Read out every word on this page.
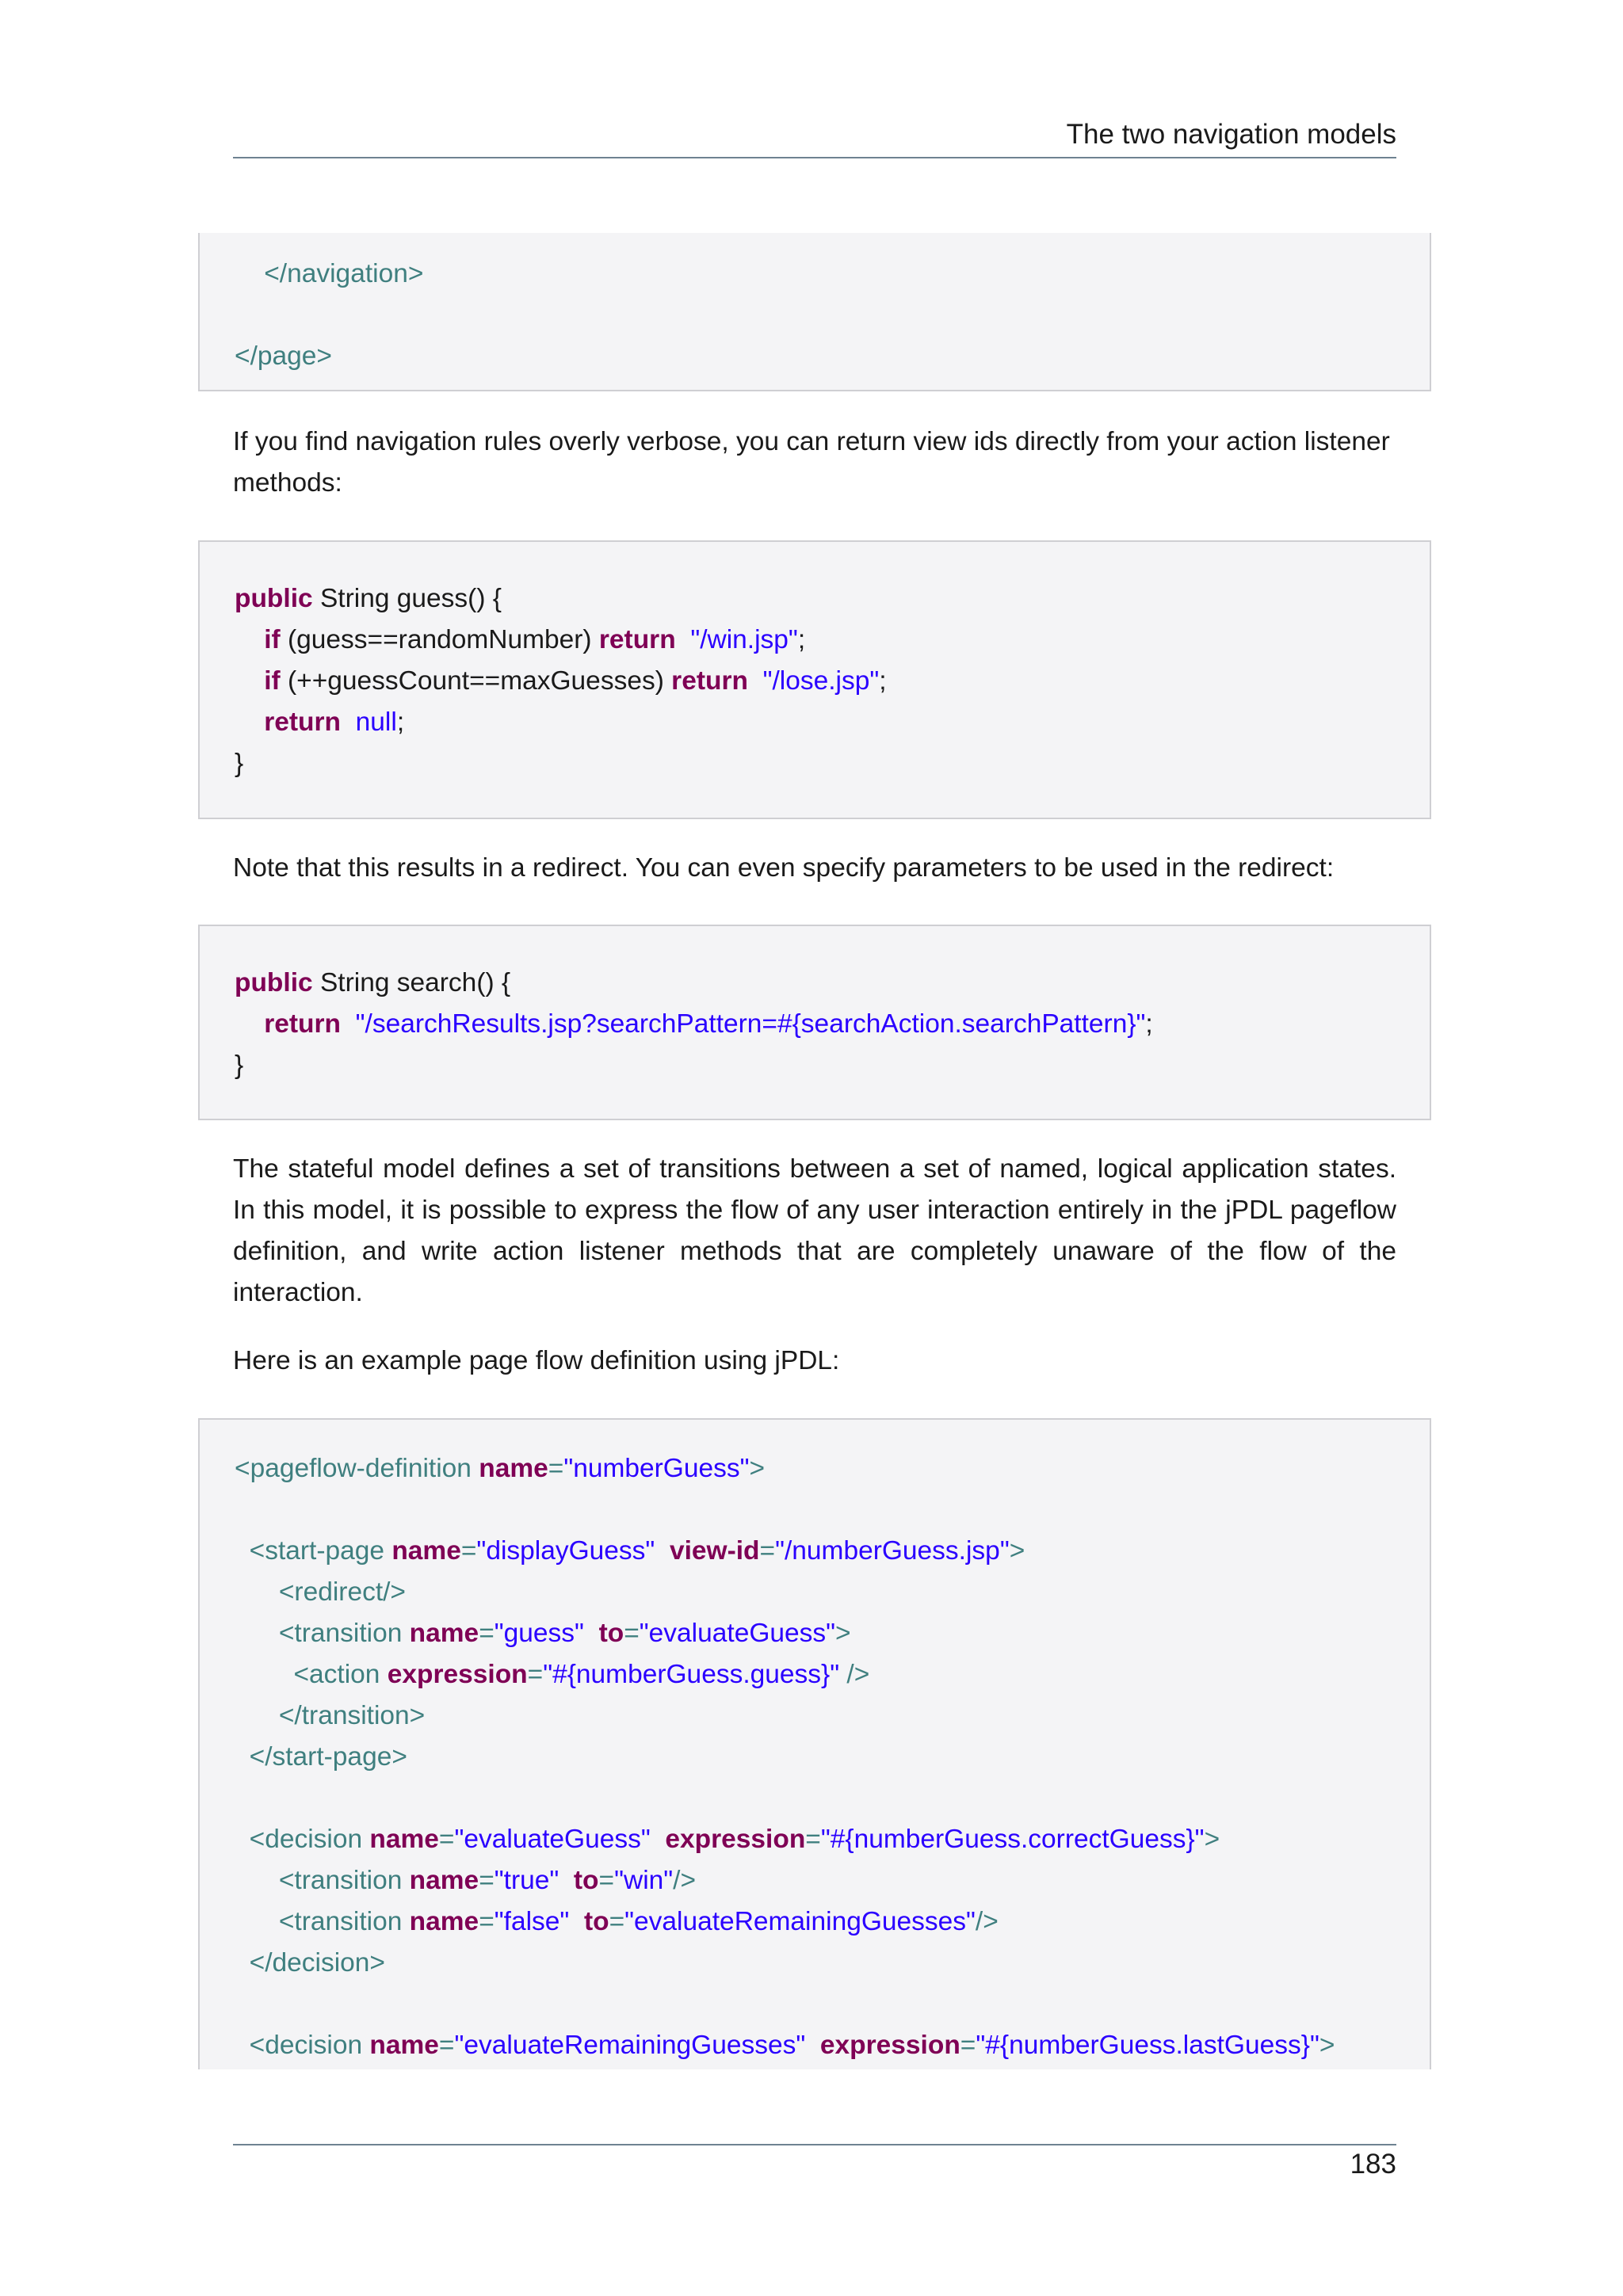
The two navigation models
</navigation>
</page>
If you find navigation rules overly verbose, you can return view ids directly from your action listener methods:
public String guess() {
if (guess==randomNumber) return "/win.jsp";
if (++guessCount==maxGuesses) return "/lose.jsp";
return null;
}
Note that this results in a redirect. You can even specify parameters to be used in the redirect:
public String search() {
return "/searchResults.jsp?searchPattern=#{searchAction.searchPattern}";
}
The stateful model defines a set of transitions between a set of named, logical application states. In this model, it is possible to express the flow of any user interaction entirely in the jPDL pageflow definition, and write action listener methods that are completely unaware of the flow of the interaction.
Here is an example page flow definition using jPDL:
<pageflow-definition name="numberGuess">
<start-page name="displayGuess" view-id="/numberGuess.jsp">
<redirect/>
<transition name="guess" to="evaluateGuess">
<action expression="#{numberGuess.guess}" />
</transition>
</start-page>
<decision name="evaluateGuess" expression="#{numberGuess.correctGuess}">
<transition name="true" to="win"/>
<transition name="false" to="evaluateRemainingGuesses"/>
</decision>
<decision name="evaluateRemainingGuesses" expression="#{numberGuess.lastGuess}">
183
